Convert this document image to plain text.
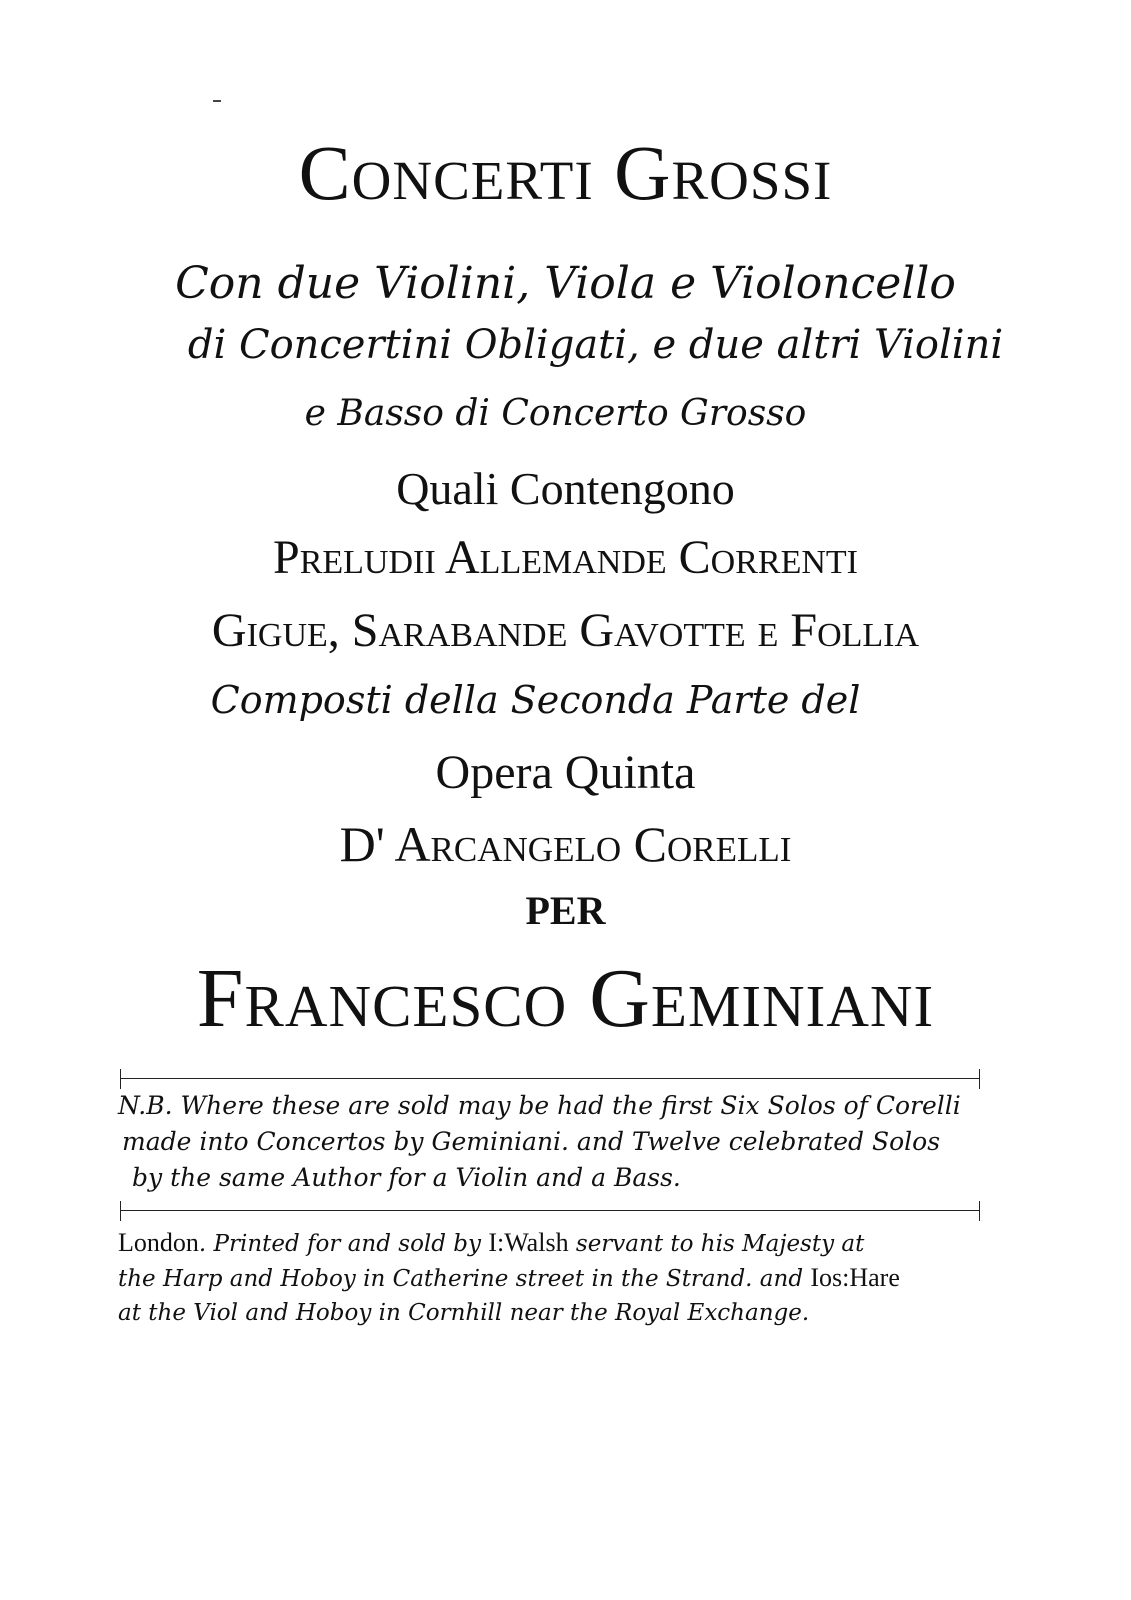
Concerti Grossi
Con due Violini, Viola e Violoncello
di Concertini Obligati, e due altri Violini
e Basso di Concerto Grosso
Quali Contengono
Preludii Allemande Correnti
Gigue, Sarabande Gavotte e Follia
Composti della Seconda Parte del
Opera Quinta
D' Arcangelo Corelli
PER
Francesco Geminiani

N.B. Where these are sold may be had the first Six Solos of Corelli

made into Concertos by Geminiani. and Twelve celebrated Solos

by the same Author for a Violin and a Bass.

London. Printed for and sold by I:Walsh servant to his Majesty at

the Harp and Hoboy in Catherine street in the Strand. and Ios:Hare

at the Viol and Hoboy in Cornhill near the Royal Exchange.
